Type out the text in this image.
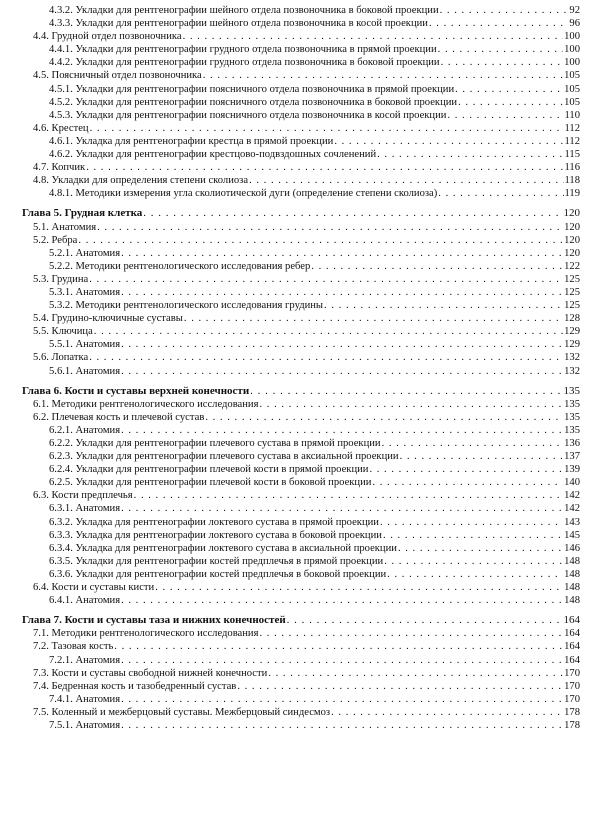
4.3.2. Укладки для рентгенографии шейного отдела позвоночника в боковой проекции . . .	92
4.3.3. Укладки для рентгенографии шейного отдела позвоночника в косой проекции . . .	96
4.4. Грудной отдел позвоночника . . .	100
4.4.1. Укладки для рентгенографии грудного отдела позвоночника в прямой проекции . . .	100
4.4.2. Укладки для рентгенографии грудного отдела позвоночника в боковой проекции . . .	100
4.5. Поясничный отдел позвоночника . . .	105
4.5.1. Укладки для рентгенографии поясничного отдела позвоночника в прямой проекции . . .	105
4.5.2. Укладки для рентгенографии поясничного отдела позвоночника в боковой проекции . . .	105
4.5.3. Укладки для рентгенографии поясничного отдела позвоночника в косой проекции . . .	110
4.6. Крестец . . .	112
4.6.1. Укладка для рентгенографии крестца в прямой проекции . . .	112
4.6.2. Укладки для рентгенографии крестцово-подвздошных сочленений . . .	115
4.7. Копчик . . .	116
4.8. Укладки для определения степени сколиоза . . .	118
4.8.1. Методики измерения угла сколиотической дуги (определение степени сколиоза) . . .	119
Глава 5. Грудная клетка . . .	120
5.1. Анатомия . . .	120
5.2. Ребра . . .	120
5.2.1. Анатомия . . .	120
5.2.2. Методики рентгенологического исследования ребер . . .	122
5.3. Грудина . . .	125
5.3.1. Анатомия . . .	125
5.3.2. Методики рентгенологического исследования грудины . . .	125
5.4. Грудино-ключичные суставы . . .	128
5.5. Ключица . . .	129
5.5.1. Анатомия . . .	129
5.6. Лопатка . . .	132
5.6.1. Анатомия . . .	132
Глава 6. Кости и суставы верхней конечности . . .	135
6.1. Методики рентгенологического исследования . . .	135
6.2. Плечевая кость и плечевой сустав . . .	135
6.2.1. Анатомия . . .	135
6.2.2. Укладки для рентгенографии плечевого сустава в прямой проекции . . .	136
6.2.3. Укладки для рентгенографии плечевого сустава в аксиальной проекции . . .	137
6.2.4. Укладки для рентгенографии плечевой кости в прямой проекции . . .	139
6.2.5. Укладки для рентгенографии плечевой кости в боковой проекции . . .	140
6.3. Кости предплечья . . .	142
6.3.1. Анатомия . . .	142
6.3.2. Укладка для рентгенографии локтевого сустава в прямой проекции . . .	143
6.3.3. Укладка для рентгенографии локтевого сустава в боковой проекции . . .	145
6.3.4. Укладка для рентгенографии локтевого сустава в аксиальной проекции . . .	146
6.3.5. Укладки для рентгенографии костей предплечья в прямой проекции . . .	148
6.3.6. Укладки для рентгенографии костей предплечья в боковой проекции . . .	148
6.4. Кости и суставы кисти . . .	148
6.4.1. Анатомия . . .	148
Глава 7. Кости и суставы таза и нижних конечностей . . .	164
7.1. Методики рентгенологического исследования . . .	164
7.2. Тазовая кость . . .	164
7.2.1. Анатомия . . .	164
7.3. Кости и суставы свободной нижней конечности . . .	170
7.4. Бедренная кость и тазобедренный сустав . . .	170
7.4.1. Анатомия . . .	170
7.5. Коленный и межберцовый суставы. Межберцовый синдесмоз . . .	178
7.5.1. Анатомия . . .	178
